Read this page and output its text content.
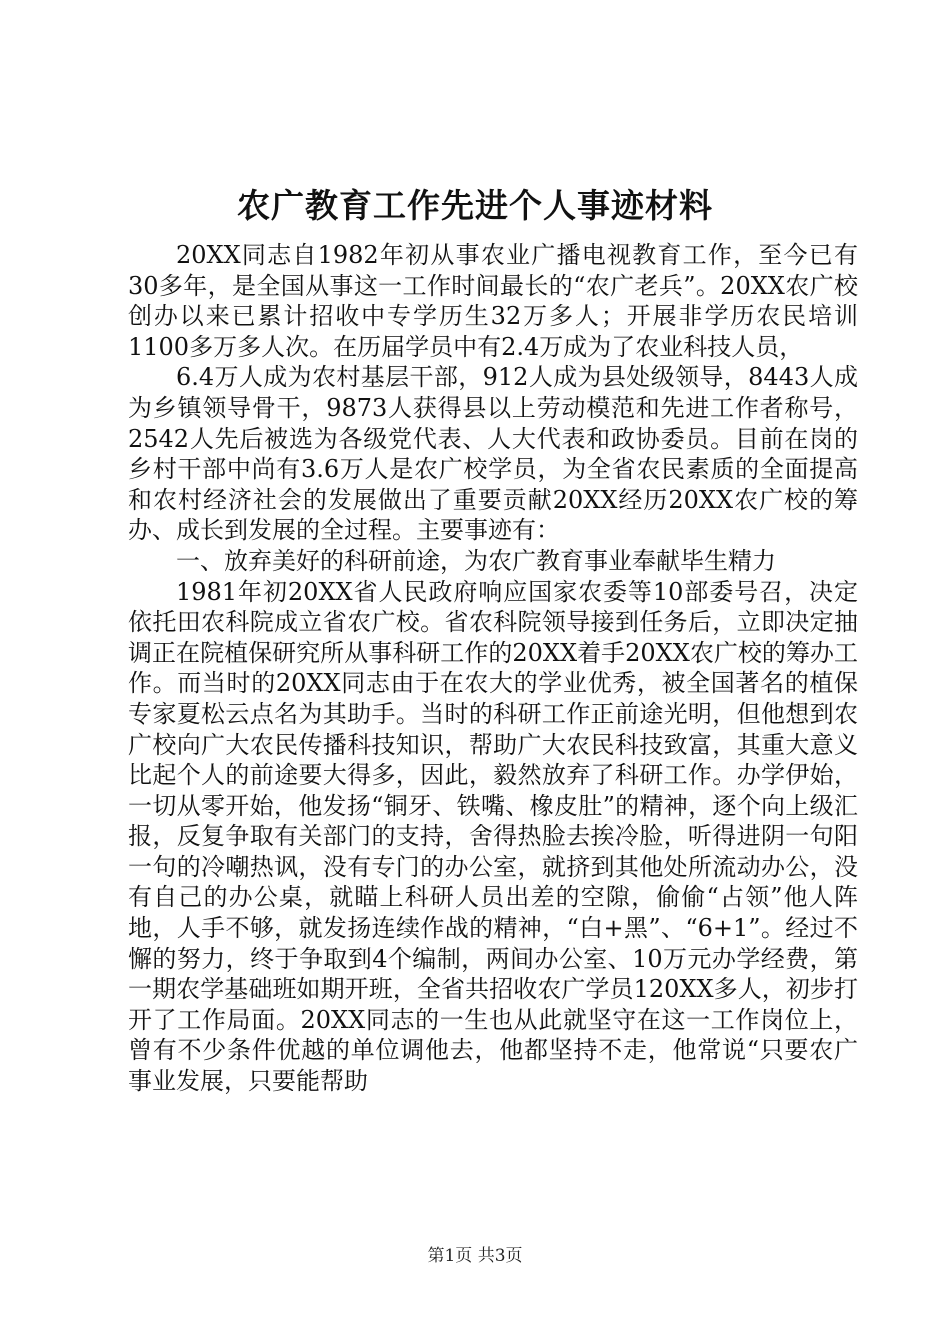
农广教育工作先进个人事迹材料

20XX同志自1982年初从事农业广播电视教育工作，至今已有30多年，是全国从事这一工作时间最长的“农广老兵”。20XX农广校创办以来已累计招收中专学历生32万多人；开展非学历农民培训1100多万多人次。在历届学员中有2.4万成为了农业科技人员，

6.4万人成为农村基层干部，912人成为县处级领导，8443人成为乡镇领导骨干，9873人获得县以上劳动模范和先进工作者称号，2542人先后被选为各级党代表、人大代表和政协委员。目前在岗的乡村干部中尚有3.6万人是农广校学员，为全省农民素质的全面提高和农村经济社会的发展做出了重要贡献20XX经历20XX农广校的筹办、成长到发展的全过程。主要事迹有：

一、放弃美好的科研前途，为农广教育事业奉献毕生精力

1981年初20XX省人民政府响应国家农委等10部委号召，决定依托田农科院成立省农广校。省农科院领导接到任务后，立即决定抽调正在院植保研究所从事科研工作的20XX着手20XX农广校的筹办工作。而当时的20XX同志由于在农大的学业优秀，被全国著名的植保专家夏松云点名为其助手。当时的科研工作正前途光明，但他想到农广校向广大农民传播科技知识，帮助广大农民科技致富，其重大意义比起个人的前途要大得多，因此，毅然放弃了科研工作。办学伊始，一切从零开始，他发扬“铜牙、铁嘴、橡皮肚”的精神，逐个向上级汇报，反复争取有关部门的支持，舍得热脸去挨冷脸，听得进阴一句阳一句的冷嘲热讽，没有专门的办公室，就挤到其他处所流动办公，没有自己的办公桌，就瞄上科研人员出差的空隙，偷偷“占领”他人阵地，人手不够，就发扬连续作战的精神，“白+黑”、“6+1”。经过不懈的努力，终于争取到4个编制，两间办公室、10万元办学经费，第一期农学基础班如期开班，全省共招收农广学员120XX多人，初步打开了工作局面。20XX同志的一生也从此就坚守在这一工作岗位上，曾有不少条件优越的单位调他去，他都坚持不走，他常说“只要农广事业发展，只要能帮助

第1页 共3页
